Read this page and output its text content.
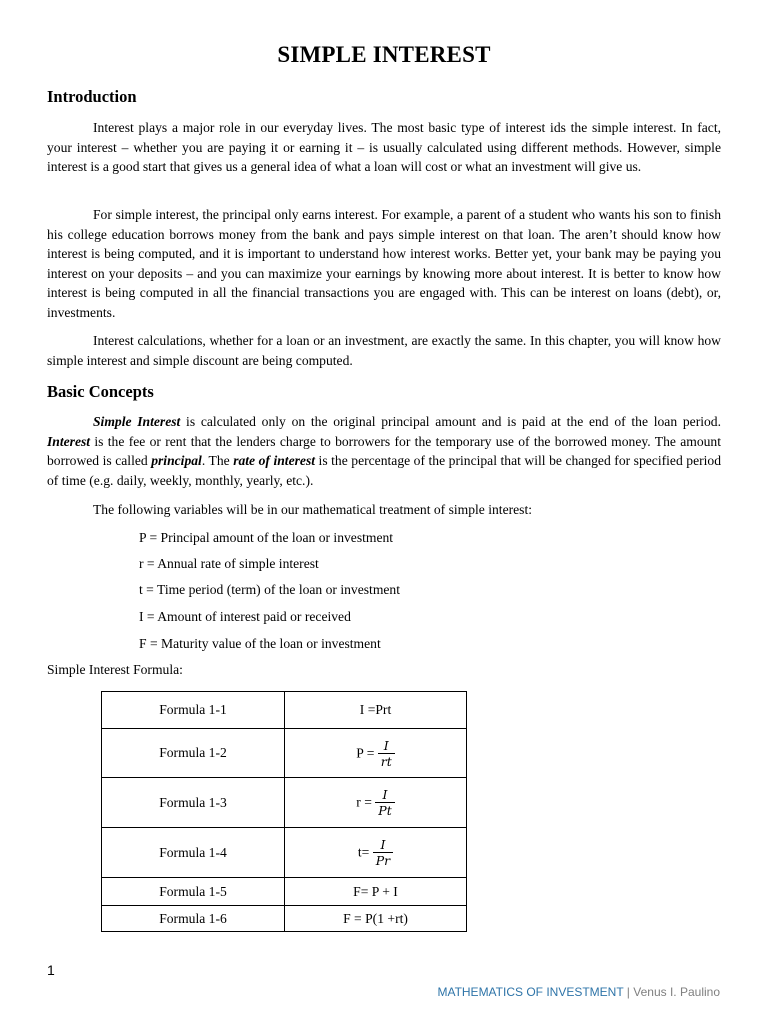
SIMPLE INTEREST
Introduction
Interest plays a major role in our everyday lives. The most basic type of interest ids the simple interest. In fact, your interest – whether you are paying it or earning it – is usually calculated using different methods. However, simple interest is a good start that gives us a general idea of what a loan will cost or what an investment will give us.
For simple interest, the principal only earns interest. For example, a parent of a student who wants his son to finish his college education borrows money from the bank and pays simple interest on that loan. The aren’t should know how interest is being computed, and it is important to understand how interest works. Better yet, your bank may be paying you interest on your deposits – and you can maximize your earnings by knowing more about interest. It is better to know how interest is being computed in all the financial transactions you are engaged with. This can be interest on loans (debt), or, investments.
Interest calculations, whether for a loan or an investment, are exactly the same. In this chapter, you will know how simple interest and simple discount are being computed.
Basic Concepts
Simple Interest is calculated only on the original principal amount and is paid at the end of the loan period. Interest is the fee or rent that the lenders charge to borrowers for the temporary use of the borrowed money. The amount borrowed is called principal. The rate of interest is the percentage of the principal that will be changed for specified period of time (e.g. daily, weekly, monthly, yearly, etc.).
The following variables will be in our mathematical treatment of simple interest:
P = Principal amount of the loan or investment
r = Annual rate of simple interest
t = Time period (term) of the loan or investment
I = Amount of interest paid or received
F = Maturity value of the loan or investment
Simple Interest Formula:
Formula 1-1	I =Prt
Formula 1-2	$P = \frac{I}{rt}$

Formula 1-3	$r = \frac{I}{Pt}$

Formula 1-4	$t= \frac{I}{Pr}$

Formula 1-5	F= P + I
Formula 1-6	F = P(1 +rt)
1
MATHEMATICS OF INVESTMENT | Venus I. Paulino
